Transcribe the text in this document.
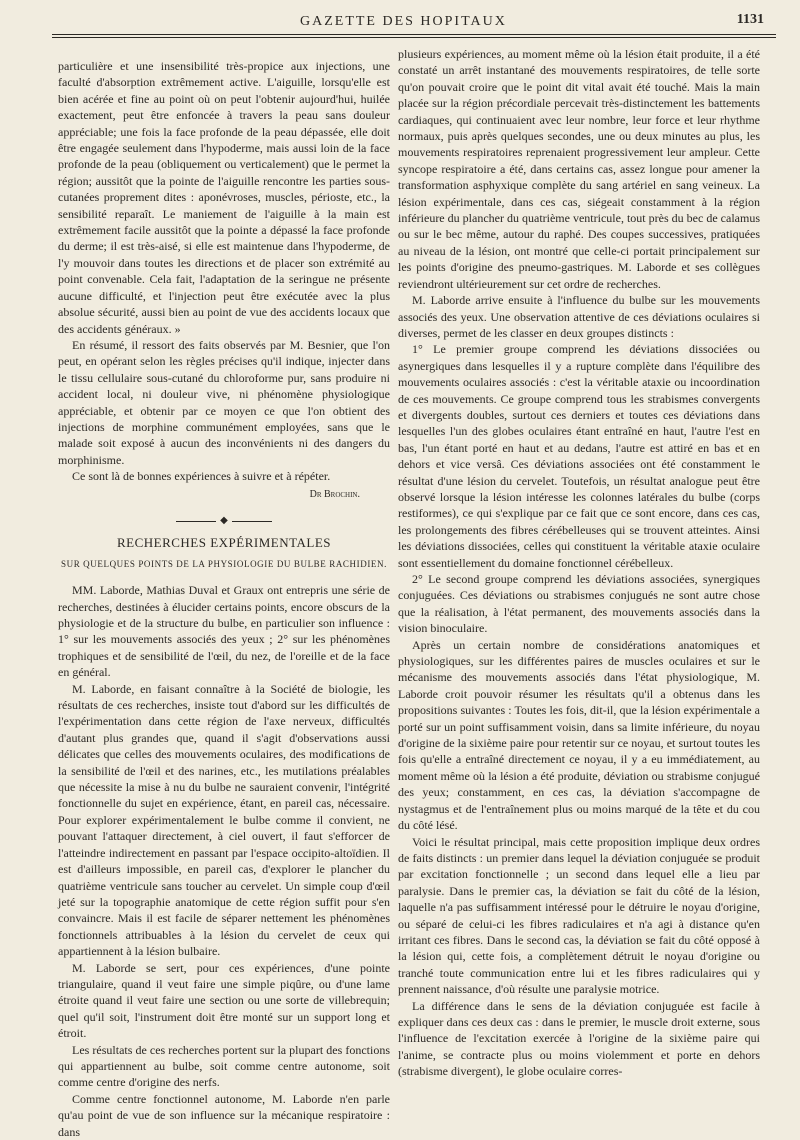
GAZETTE DES HOPITAUX	1131

particulière et une insensibilité très-propice aux injections, une faculté d'absorption extrêmement active. L'aiguille, lorsqu'elle est bien acérée et fine au point où on peut l'obtenir aujourd'hui, huilée exactement, peut être enfoncée à travers la peau sans douleur appréciable; une fois la face profonde de la peau dépassée, elle doit être engagée seulement dans l'hypoderme, mais aussi loin de la face profonde de la peau (obliquement ou verticalement) que le permet la région; aussitôt que la pointe de l'aiguille rencontre les parties sous-cutanées proprement dites : aponévroses, muscles, périoste, etc., la sensibilité reparaît. Le maniement de l'aiguille à la main est extrêmement facile aussitôt que la pointe a dépassé la face profonde du derme; il est très-aisé, si elle est maintenue dans l'hypoderme, de l'y mouvoir dans toutes les directions et de placer son extrémité au point convenable. Cela fait, l'adaptation de la seringue ne présente aucune difficulté, et l'injection peut être exécutée avec la plus absolue sécurité, aussi bien au point de vue des accidents locaux que des accidents généraux. »

En résumé, il ressort des faits observés par M. Besnier, que l'on peut, en opérant selon les règles précises qu'il indique, injecter dans le tissu cellulaire sous-cutané du chloroforme pur, sans produire ni accident local, ni douleur vive, ni phénomène physiologique appréciable, et obtenir par ce moyen ce que l'on obtient des injections de morphine communément employées, sans que le malade soit exposé à aucun des inconvénients ni des dangers du morphinisme.

Ce sont là de bonnes expériences à suivre et à répéter.

Dr Brochin.
◆
RECHERCHES EXPÉRIMENTALES
SUR QUELQUES POINTS DE LA PHYSIOLOGIE DU BULBE RACHIDIEN.

MM. Laborde, Mathias Duval et Graux ont entrepris une série de recherches, destinées à élucider certains points, encore obscurs de la physiologie et de la structure du bulbe, en particulier son influence : 1° sur les mouvements associés des yeux ; 2° sur les phénomènes trophiques et de sensibilité de l'œil, du nez, de l'oreille et de la face en général.

M. Laborde, en faisant connaître à la Société de biologie, les résultats de ces recherches, insiste tout d'abord sur les difficultés de l'expérimentation dans cette région de l'axe nerveux, difficultés d'autant plus grandes que, quand il s'agit d'observations aussi délicates que celles des mouvements oculaires, des modifications de la sensibilité de l'œil et des narines, etc., les mutilations préalables que nécessite la mise à nu du bulbe ne sauraient convenir, l'intégrité fonctionnelle du sujet en expérience, étant, en pareil cas, nécessaire. Pour explorer expérimentalement le bulbe comme il convient, ne pouvant l'attaquer directement, à ciel ouvert, il faut s'efforcer de l'atteindre indirectement en passant par l'espace occipito-altoïdien. Il est d'ailleurs impossible, en pareil cas, d'explorer le plancher du quatrième ventricule sans toucher au cervelet. Un simple coup d'œil jeté sur la topographie anatomique de cette région suffit pour s'en convaincre. Mais il est facile de séparer nettement les phénomènes fonctionnels attribuables à la lésion du cervelet de ceux qui appartiennent à la lésion bulbaire.

M. Laborde se sert, pour ces expériences, d'une pointe triangulaire, quand il veut faire une simple piqûre, ou d'une lame étroite quand il veut faire une section ou une sorte de villebrequin; quel qu'il soit, l'instrument doit être monté sur un support long et étroit.

Les résultats de ces recherches portent sur la plupart des fonctions qui appartiennent au bulbe, soit comme centre autonome, soit comme centre d'origine des nerfs.

Comme centre fonctionnel autonome, M. Laborde n'en parle qu'au point de vue de son influence sur la mécanique respiratoire : dans

plusieurs expériences, au moment même où la lésion était produite, il a été constaté un arrêt instantané des mouvements respiratoires, de telle sorte qu'on pouvait croire que le point dit vital avait été touché. Mais la main placée sur la région précordiale percevait très-distinctement les battements cardiaques, qui continuaient avec leur nombre, leur force et leur rhythme normaux, puis après quelques secondes, une ou deux minutes au plus, les mouvements respiratoires reprenaient progressivement leur ampleur. Cette syncope respiratoire a été, dans certains cas, assez longue pour amener la transformation asphyxique complète du sang artériel en sang veineux. La lésion expérimentale, dans ces cas, siégeait constamment à la région inférieure du plancher du quatrième ventricule, tout près du bec de calamus ou sur le bec même, autour du raphé. Des coupes successives, pratiquées au niveau de la lésion, ont montré que celle-ci portait principalement sur les points d'origine des pneumo-gastriques. M. Laborde et ses collègues reviendront ultérieurement sur cet ordre de recherches.

M. Laborde arrive ensuite à l'influence du bulbe sur les mouvements associés des yeux. Une observation attentive de ces déviations oculaires si diverses, permet de les classer en deux groupes distincts :

1° Le premier groupe comprend les déviations dissociées ou asynergiques dans lesquelles il y a rupture complète dans l'équilibre des mouvements oculaires associés : c'est la véritable ataxie ou incoordination de ces mouvements. Ce groupe comprend tous les strabismes convergents et divergents doubles, surtout ces derniers et toutes ces déviations dans lesquelles l'un des globes oculaires étant entraîné en haut, l'autre l'est en bas, l'un étant porté en haut et au dedans, l'autre est attiré en bas et en dehors et vice versâ. Ces déviations associées ont été constamment le résultat d'une lésion du cervelet. Toutefois, un résultat analogue peut être observé lorsque la lésion intéresse les colonnes latérales du bulbe (corps restiformes), ce qui s'explique par ce fait que ce sont encore, dans ces cas, les prolongements des fibres cérébelleuses qui se trouvent atteintes. Ainsi les déviations dissociées, celles qui constituent la véritable ataxie oculaire sont essentiellement du domaine fonctionnel cérébelleux.

2° Le second groupe comprend les déviations associées, synergiques conjuguées. Ces déviations ou strabismes conjugués ne sont autre chose que la réalisation, à l'état permanent, des mouvements associés dans la vision binoculaire.

Après un certain nombre de considérations anatomiques et physiologiques, sur les différentes paires de muscles oculaires et sur le mécanisme des mouvements associés dans l'état physiologique, M. Laborde croit pouvoir résumer les résultats qu'il a obtenus dans les propositions suivantes : Toutes les fois, dit-il, que la lésion expérimentale a porté sur un point suffisamment voisin, dans sa limite inférieure, du noyau d'origine de la sixième paire pour retentir sur ce noyau, et surtout toutes les fois qu'elle a entraîné directement ce noyau, il y a eu immédiatement, au moment même où la lésion a été produite, déviation ou strabisme conjugué des yeux; constamment, en ces cas, la déviation s'accompagne de nystagmus et de l'entraînement plus ou moins marqué de la tête et du cou du côté lésé.

Voici le résultat principal, mais cette proposition implique deux ordres de faits distincts : un premier dans lequel la déviation conjuguée se produit par excitation fonctionnelle ; un second dans lequel elle a lieu par paralysie. Dans le premier cas, la déviation se fait du côté de la lésion, laquelle n'a pas suffisamment intéressé pour le détruire le noyau d'origine, ou séparé de celui-ci les fibres radiculaires et n'a agi à distance qu'en irritant ces fibres. Dans le second cas, la déviation se fait du côté opposé à la lésion qui, cette fois, a complètement détruit le noyau d'origine ou tranché toute communication entre lui et les fibres radiculaires qui y prennent naissance, d'où résulte une paralysie motrice.

La différence dans le sens de la déviation conjuguée est facile à expliquer dans ces deux cas : dans le premier, le muscle droit externe, sous l'influence de l'excitation exercée à l'origine de la sixième paire qui l'anime, se contracte plus ou moins violemment et porte en dehors (strabisme divergent), le globe oculaire corres-
